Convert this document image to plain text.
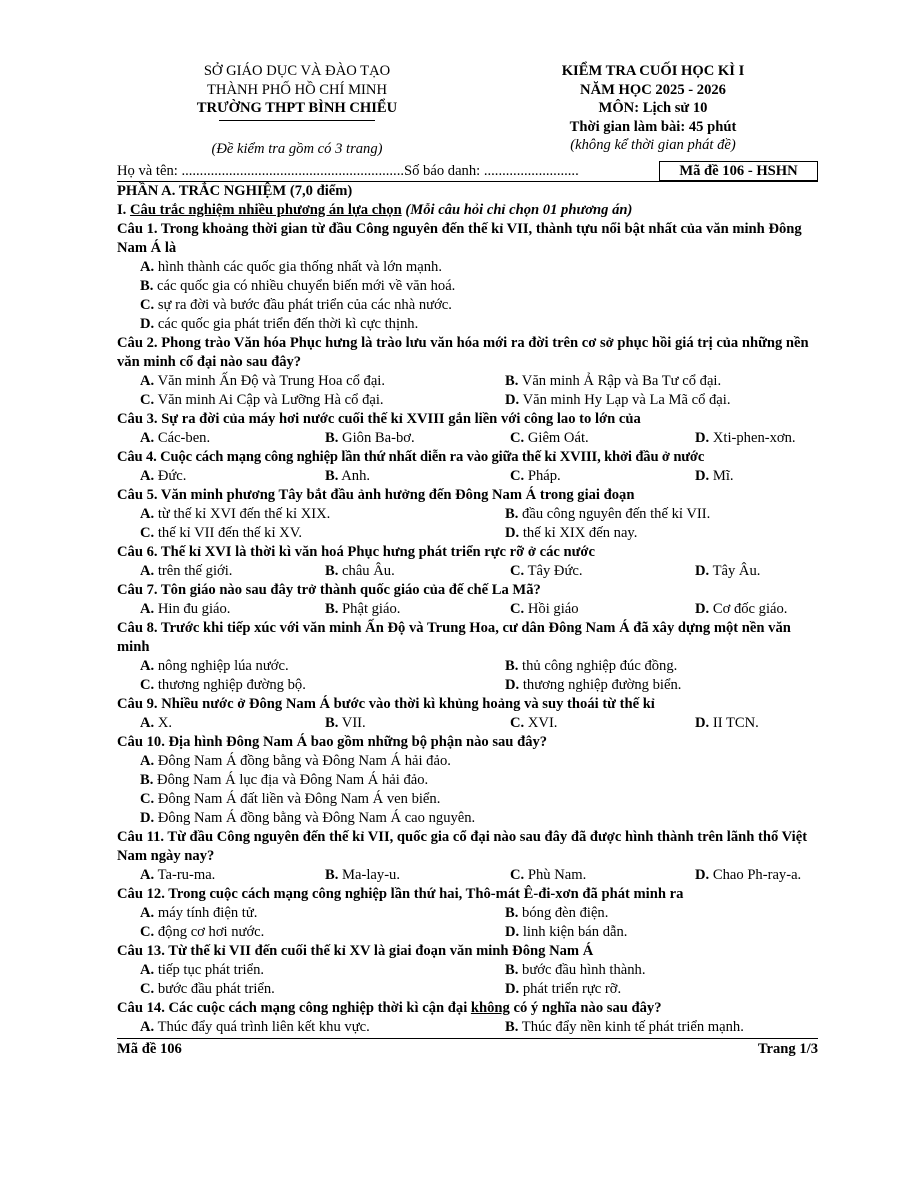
SỞ GIÁO DỤC VÀ ĐÀO TẠO
THÀNH PHỐ HỒ CHÍ MINH
TRƯỜNG THPT BÌNH CHIỂU
(Đề kiểm tra gồm có 3 trang)
KIỂM TRA CUỐI HỌC KÌ I
NĂM HỌC 2025 - 2026
MÔN: Lịch sử 10
Thời gian làm bài: 45 phút
(không kể thời gian phát đề)
Họ và tên: ............................................................. Số báo danh: ..........................	Mã đề 106 - HSHN
PHẦN A. TRẮC NGHIỆM (7,0 điểm)
I. Câu trắc nghiệm nhiều phương án lựa chọn (Mỗi câu hỏi chỉ chọn 01 phương án)
Câu 1. Trong khoảng thời gian từ đầu Công nguyên đến thế kỉ VII, thành tựu nổi bật nhất của văn minh Đông Nam Á là
A. hình thành các quốc gia thống nhất và lớn mạnh.
B. các quốc gia có nhiều chuyển biến mới về văn hoá.
C. sự ra đời và bước đầu phát triển của các nhà nước.
D. các quốc gia phát triển đến thời kì cực thịnh.
Câu 2. Phong trào Văn hóa Phục hưng là trào lưu văn hóa mới ra đời trên cơ sở phục hồi giá trị của những nền văn minh cổ đại nào sau đây?
A. Văn minh Ấn Độ và Trung Hoa cổ đại.	B. Văn minh Ả Rập và Ba Tư cổ đại.
C. Văn minh Ai Cập và Lưỡng Hà cổ đại.	D. Văn minh Hy Lạp và La Mã cổ đại.
Câu 3. Sự ra đời của máy hơi nước cuối thế kỉ XVIII gắn liền với công lao to lớn của
A. Các-ben.	B. Giôn Ba-bơ.	C. Giêm Oát.	D. Xti-phen-xơn.
Câu 4. Cuộc cách mạng công nghiệp lần thứ nhất diễn ra vào giữa thế kỉ XVIII, khởi đầu ở nước
A. Đức.	B. Anh.	C. Pháp.	D. Mĩ.
Câu 5. Văn minh phương Tây bắt đầu ảnh hưởng đến Đông Nam Á trong giai đoạn
A. từ thế kỉ XVI đến thế kỉ XIX.	B. đầu công nguyên đến thế kỉ VII.
C. thế kỉ VII đến thế kỉ XV.	D. thế kỉ XIX đến nay.
Câu 6. Thế kỉ XVI là thời kì văn hoá Phục hưng phát triển rực rỡ ở các nước
A. trên thế giới.	B. châu Âu.	C. Tây Đức.	D. Tây Âu.
Câu 7. Tôn giáo nào sau đây trở thành quốc giáo của đế chế La Mã?
A. Hin đu giáo.	B. Phật giáo.	C. Hồi giáo	D. Cơ đốc giáo.
Câu 8. Trước khi tiếp xúc với văn minh Ấn Độ và Trung Hoa, cư dân Đông Nam Á đã xây dựng một nền văn minh
A. nông nghiệp lúa nước.	B. thủ công nghiệp đúc đồng.
C. thương nghiệp đường bộ.	D. thương nghiệp đường biển.
Câu 9. Nhiều nước ở Đông Nam Á bước vào thời kì khủng hoảng và suy thoái từ thế kỉ
A. X.	B. VII.	C. XVI.	D. II TCN.
Câu 10. Địa hình Đông Nam Á bao gồm những bộ phận nào sau đây?
A. Đông Nam Á đồng bằng và Đông Nam Á hải đảo.
B. Đông Nam Á lục địa và Đông Nam Á hải đảo.
C. Đông Nam Á đất liền và Đông Nam Á ven biển.
D. Đông Nam Á đồng bằng và Đông Nam Á cao nguyên.
Câu 11. Từ đầu Công nguyên đến thế kỉ VII, quốc gia cổ đại nào sau đây đã được hình thành trên lãnh thổ Việt Nam ngày nay?
A. Ta-ru-ma.	B. Ma-lay-u.	C. Phù Nam.	D. Chao Ph-ray-a.
Câu 12. Trong cuộc cách mạng công nghiệp lần thứ hai, Thô-mát Ê-đi-xơn đã phát minh ra
A. máy tính điện tử.	B. bóng đèn điện.
C. động cơ hơi nước.	D. linh kiện bán dẫn.
Câu 13. Từ thế kỉ VII đến cuối thế kỉ XV là giai đoạn văn minh Đông Nam Á
A. tiếp tục phát triển.	B. bước đầu hình thành.
C. bước đầu phát triển.	D. phát triển rực rỡ.
Câu 14. Các cuộc cách mạng công nghiệp thời kì cận đại không có ý nghĩa nào sau đây?
A. Thúc đẩy quá trình liên kết khu vực.	B. Thúc đẩy nền kinh tế phát triển mạnh.
Mã đề 106	Trang 1/3
